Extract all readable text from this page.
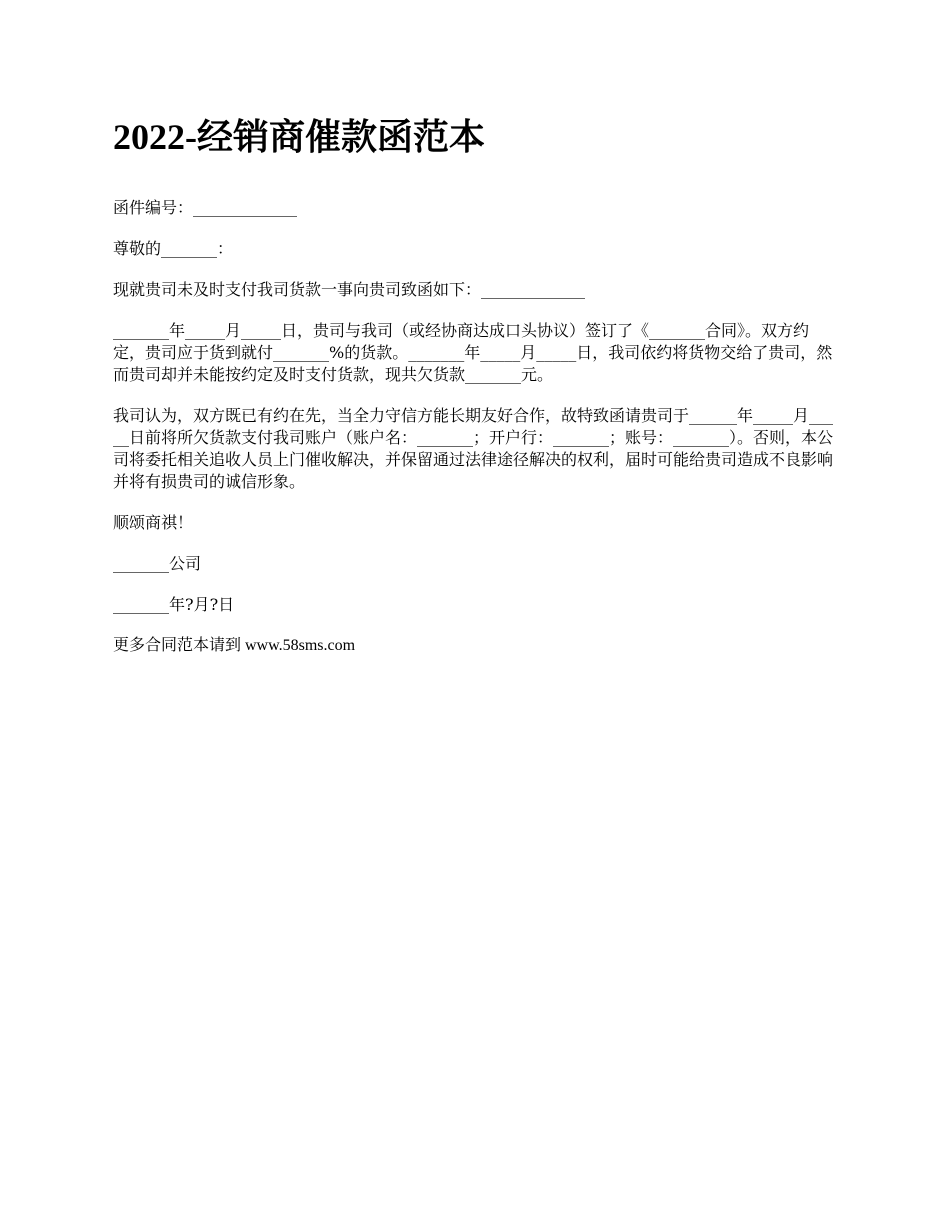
2022-经销商催款函范本

函件编号：_____________

尊敬的_______：

现就贵司未及时支付我司货款一事向贵司致函如下：_____________

_______年_____月_____日，贵司与我司（或经协商达成口头协议）签订了《_______合同》。双方约定，贵司应于货到就付_______%的货款。_______年_____月_____日，我司依约将货物交给了贵司，然而贵司却并未能按约定及时支付货款，现共欠货款_______元。

我司认为，双方既已有约在先，当全力守信方能长期友好合作，故特致函请贵司于______年_____月_____日前将所欠货款支付我司账户（账户名：_______；开户行：_______；账号：_______）。否则，本公司将委托相关追收人员上门催收解决，并保留通过法律途径解决的权利，届时可能给贵司造成不良影响并将有损贵司的诚信形象。

顺颂商祺！

_______公司

_______年?月?日

更多合同范本请到 www.58sms.com
